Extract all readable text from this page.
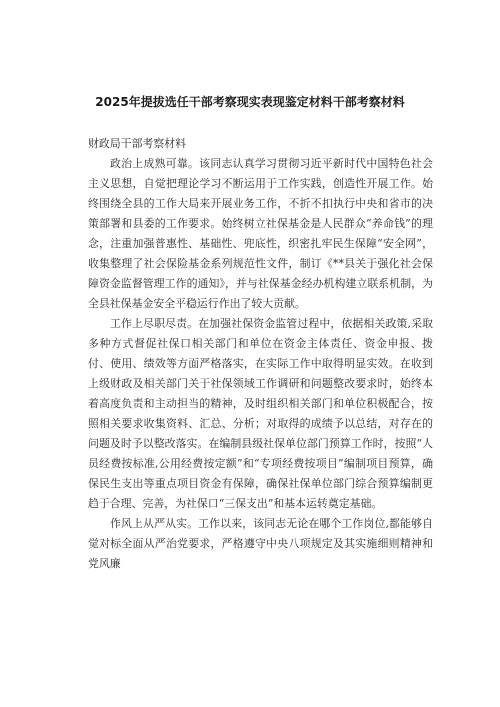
2025年提拔选任干部考察现实表现鉴定材料干部考察材料

财政局干部考察材料

政治上成熟可靠。该同志认真学习贯彻习近平新时代中国特色社会主义思想，自觉把理论学习不断运用于工作实践，创造性开展工作。始终围绕全县的工作大局来开展业务工作，不折不扣执行中央和省市的决策部署和县委的工作要求。始终树立社保基金是人民群众“养命钱”的理念，注重加强普惠性、基础性、兜底性，织密扎牢民生保障“安全网”，收集整理了社会保险基金系列规范性文件，制订《**县关于强化社会保障资金监督管理工作的通知》，并与社保基金经办机构建立联系机制，为全县社保基金安全平稳运行作出了较大贡献。

工作上尽职尽责。在加强社保资金监管过程中，依据相关政策,采取多种方式督促社保口相关部门和单位在资金主体责任、资金申报、拨付、使用、绩效等方面严格落实，在实际工作中取得明显实效。在收到上级财政及相关部门关于社保领域工作调研和问题整改要求时，始终本着高度负责和主动担当的精神，及时组织相关部门和单位积极配合，按照相关要求收集资料、汇总、分析；对取得的成绩予以总结，对存在的问题及时予以整改落实。在编制县级社保单位部门预算工作时，按照“人员经费按标准,公用经费按定额”和“专项经费按项目”编制项目预算，确保民生支出等重点项目资金有保障，确保社保单位部门综合预算编制更趋于合理、完善，为社保口“三保支出”和基本运转奠定基础。

作风上从严从实。工作以来，该同志无论在哪个工作岗位,都能够自觉对标全面从严治党要求，严格遵守中央八项规定及其实施细则精神和党风廉
